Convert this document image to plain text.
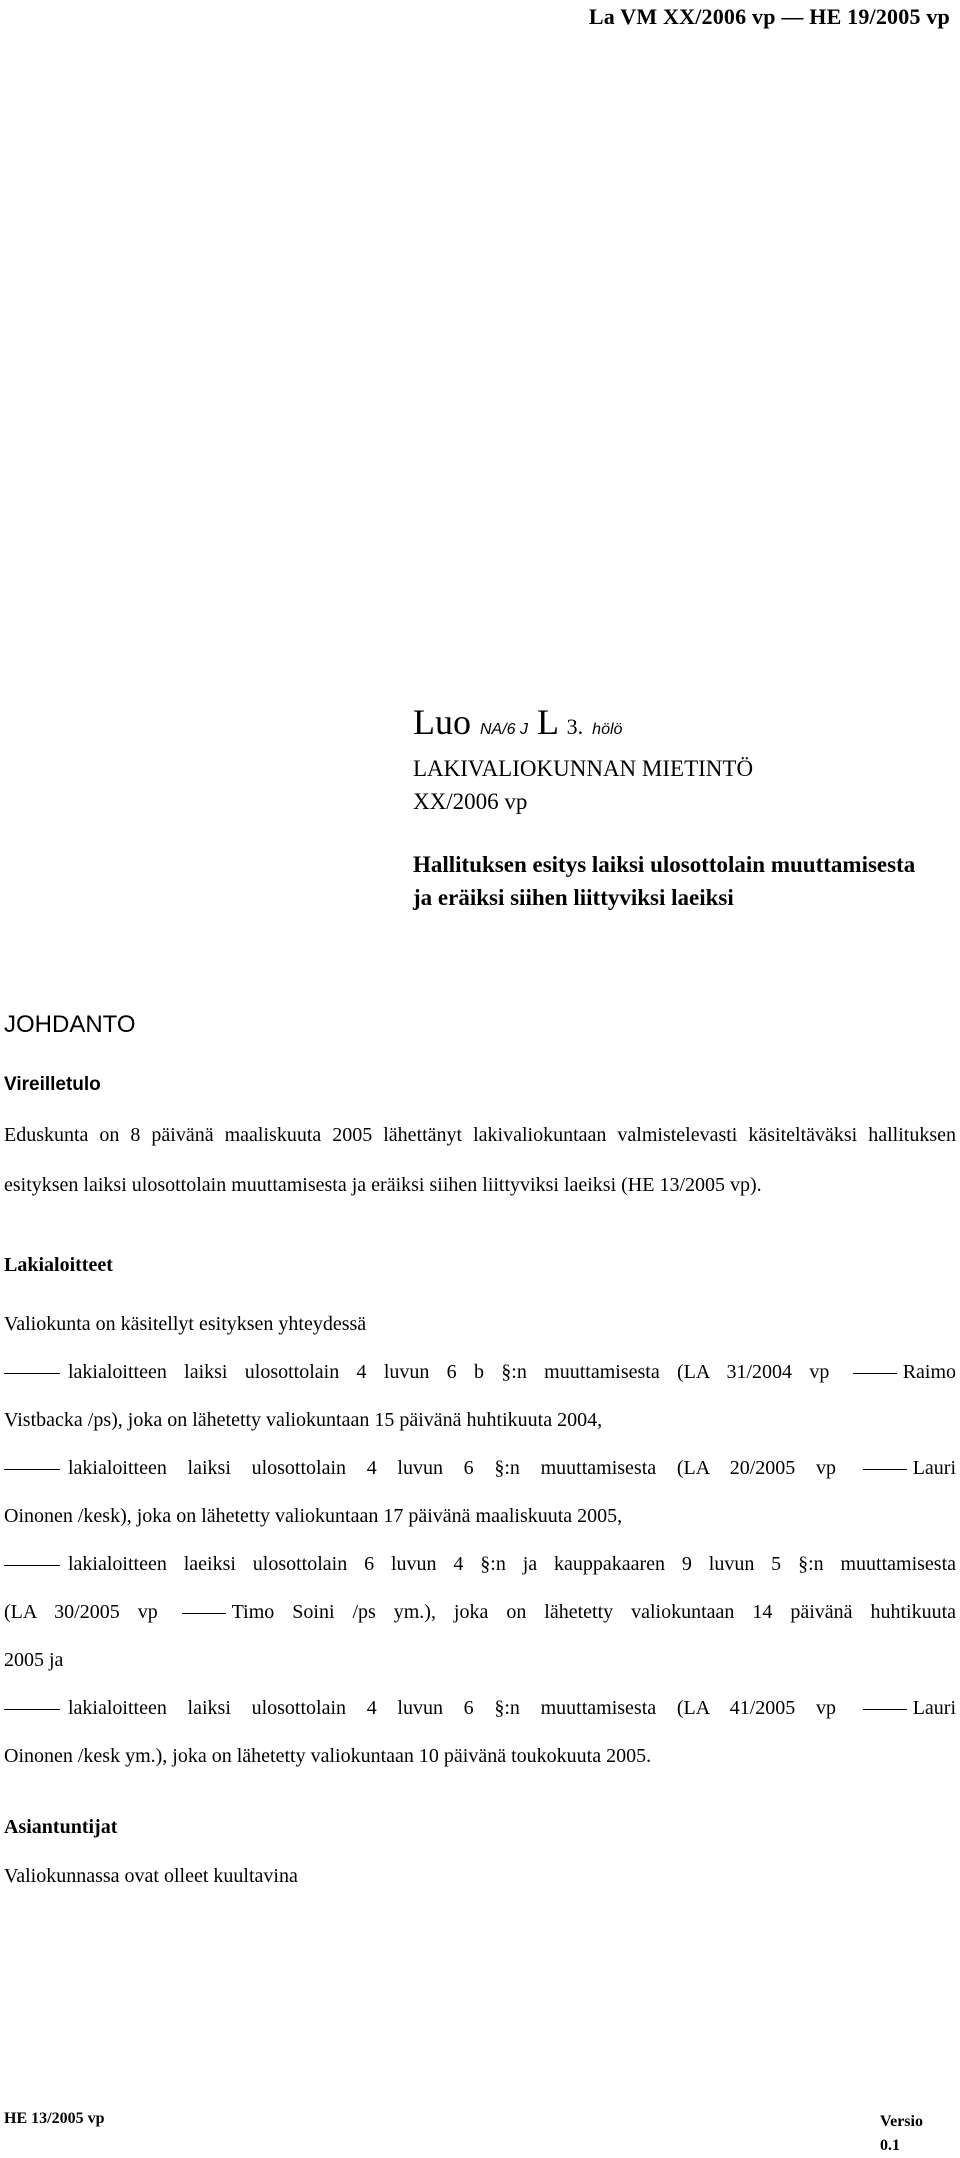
La VM XX/2006 vp — HE 19/2005 vp
Luo NA/6 J L 3. hölö
LAKIVALIOKUNNAN MIETINTÖ
XX/2006 vp
Hallituksen esitys laiksi ulosottolain muuttamisesta
ja eräiksi siihen liittyviksi laeiksi
JOHDANTO
Vireilletulo
Eduskunta on 8 päivänä maaliskuuta 2005 lähettänyt lakivaliokuntaan valmistelevasti käsiteltäväksi hallituksen esityksen laiksi ulosottolain muuttamisesta ja eräiksi siihen liittyviksi laeiksi (HE 13/2005 vp).
Lakialoitteet
Valiokunta on käsitellyt esityksen yhteydessä
lakialoitteen laiksi ulosottolain 4 luvun 6 b §:n muuttamisesta (LA 31/2004 vp	Raimo
Vistbacka /ps), joka on lähetetty valiokuntaan 15 päivänä huhtikuuta 2004,
lakialoitteen laiksi ulosottolain 4 luvun 6 §:n muuttamisesta (LA 20/2005 vp	Lauri
Oinonen /kesk), joka on lähetetty valiokuntaan 17 päivänä maaliskuuta 2005,
lakialoitteen laeiksi ulosottolain 6 luvun 4 §:n ja kauppakaaren 9 luvun 5 §:n muuttamisesta
(LA 30/2005 vp	Timo Soini /ps ym.), joka on lähetetty valiokuntaan 14 päivänä huhtikuuta
2005 ja
lakialoitteen laiksi ulosottolain 4 luvun 6 §:n muuttamisesta (LA 41/2005 vp	Lauri
Oinonen /kesk ym.), joka on lähetetty valiokuntaan 10 päivänä toukokuuta 2005.
Asiantuntijat
Valiokunnassa ovat olleet kuultavina
HE 13/2005 vp	Versio
0.1
